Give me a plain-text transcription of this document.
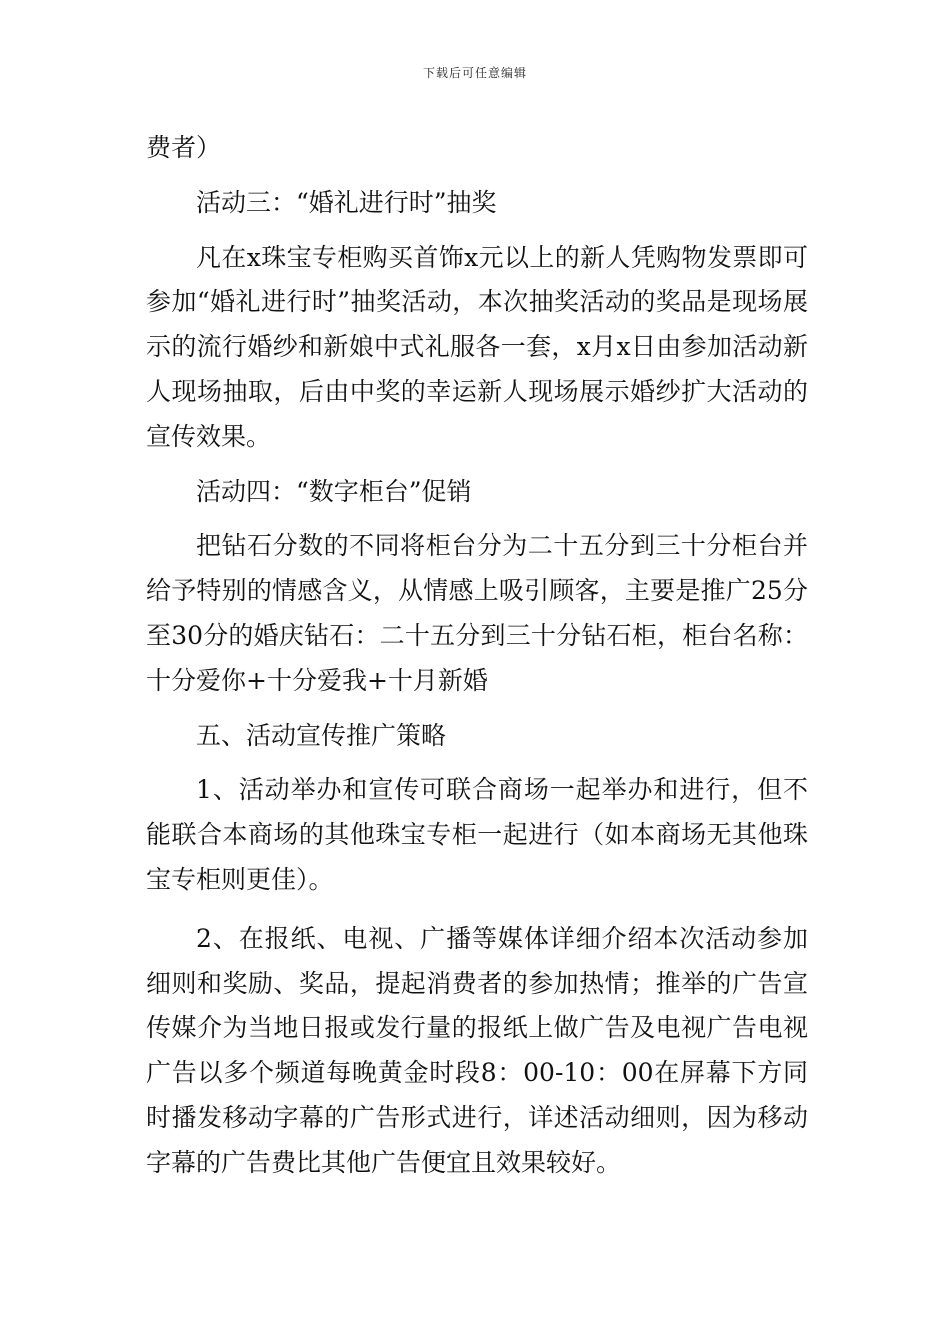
下载后可任意编辑

费者）

活动三：“婚礼进行时”抽奖

凡在x珠宝专柜购买首饰x元以上的新人凭购物发票即可参加“婚礼进行时”抽奖活动，本次抽奖活动的奖品是现场展示的流行婚纱和新娘中式礼服各一套，x月x日由参加活动新人现场抽取，后由中奖的幸运新人现场展示婚纱扩大活动的宣传效果。

活动四：“数字柜台”促销

把钻石分数的不同将柜台分为二十五分到三十分柜台并给予特别的情感含义，从情感上吸引顾客，主要是推广25分至30分的婚庆钻石：二十五分到三十分钻石柜，柜台名称：十分爱你+十分爱我+十月新婚

五、活动宣传推广策略

1、活动举办和宣传可联合商场一起举办和进行，但不能联合本商场的其他珠宝专柜一起进行（如本商场无其他珠宝专柜则更佳）。

2、在报纸、电视、广播等媒体详细介绍本次活动参加细则和奖励、奖品，提起消费者的参加热情；推举的广告宣传媒介为当地日报或发行量的报纸上做广告及电视广告电视广告以多个频道每晚黄金时段8：00-10：00在屏幕下方同时播发移动字幕的广告形式进行，详述活动细则，因为移动字幕的广告费比其他广告便宜且效果较好。
